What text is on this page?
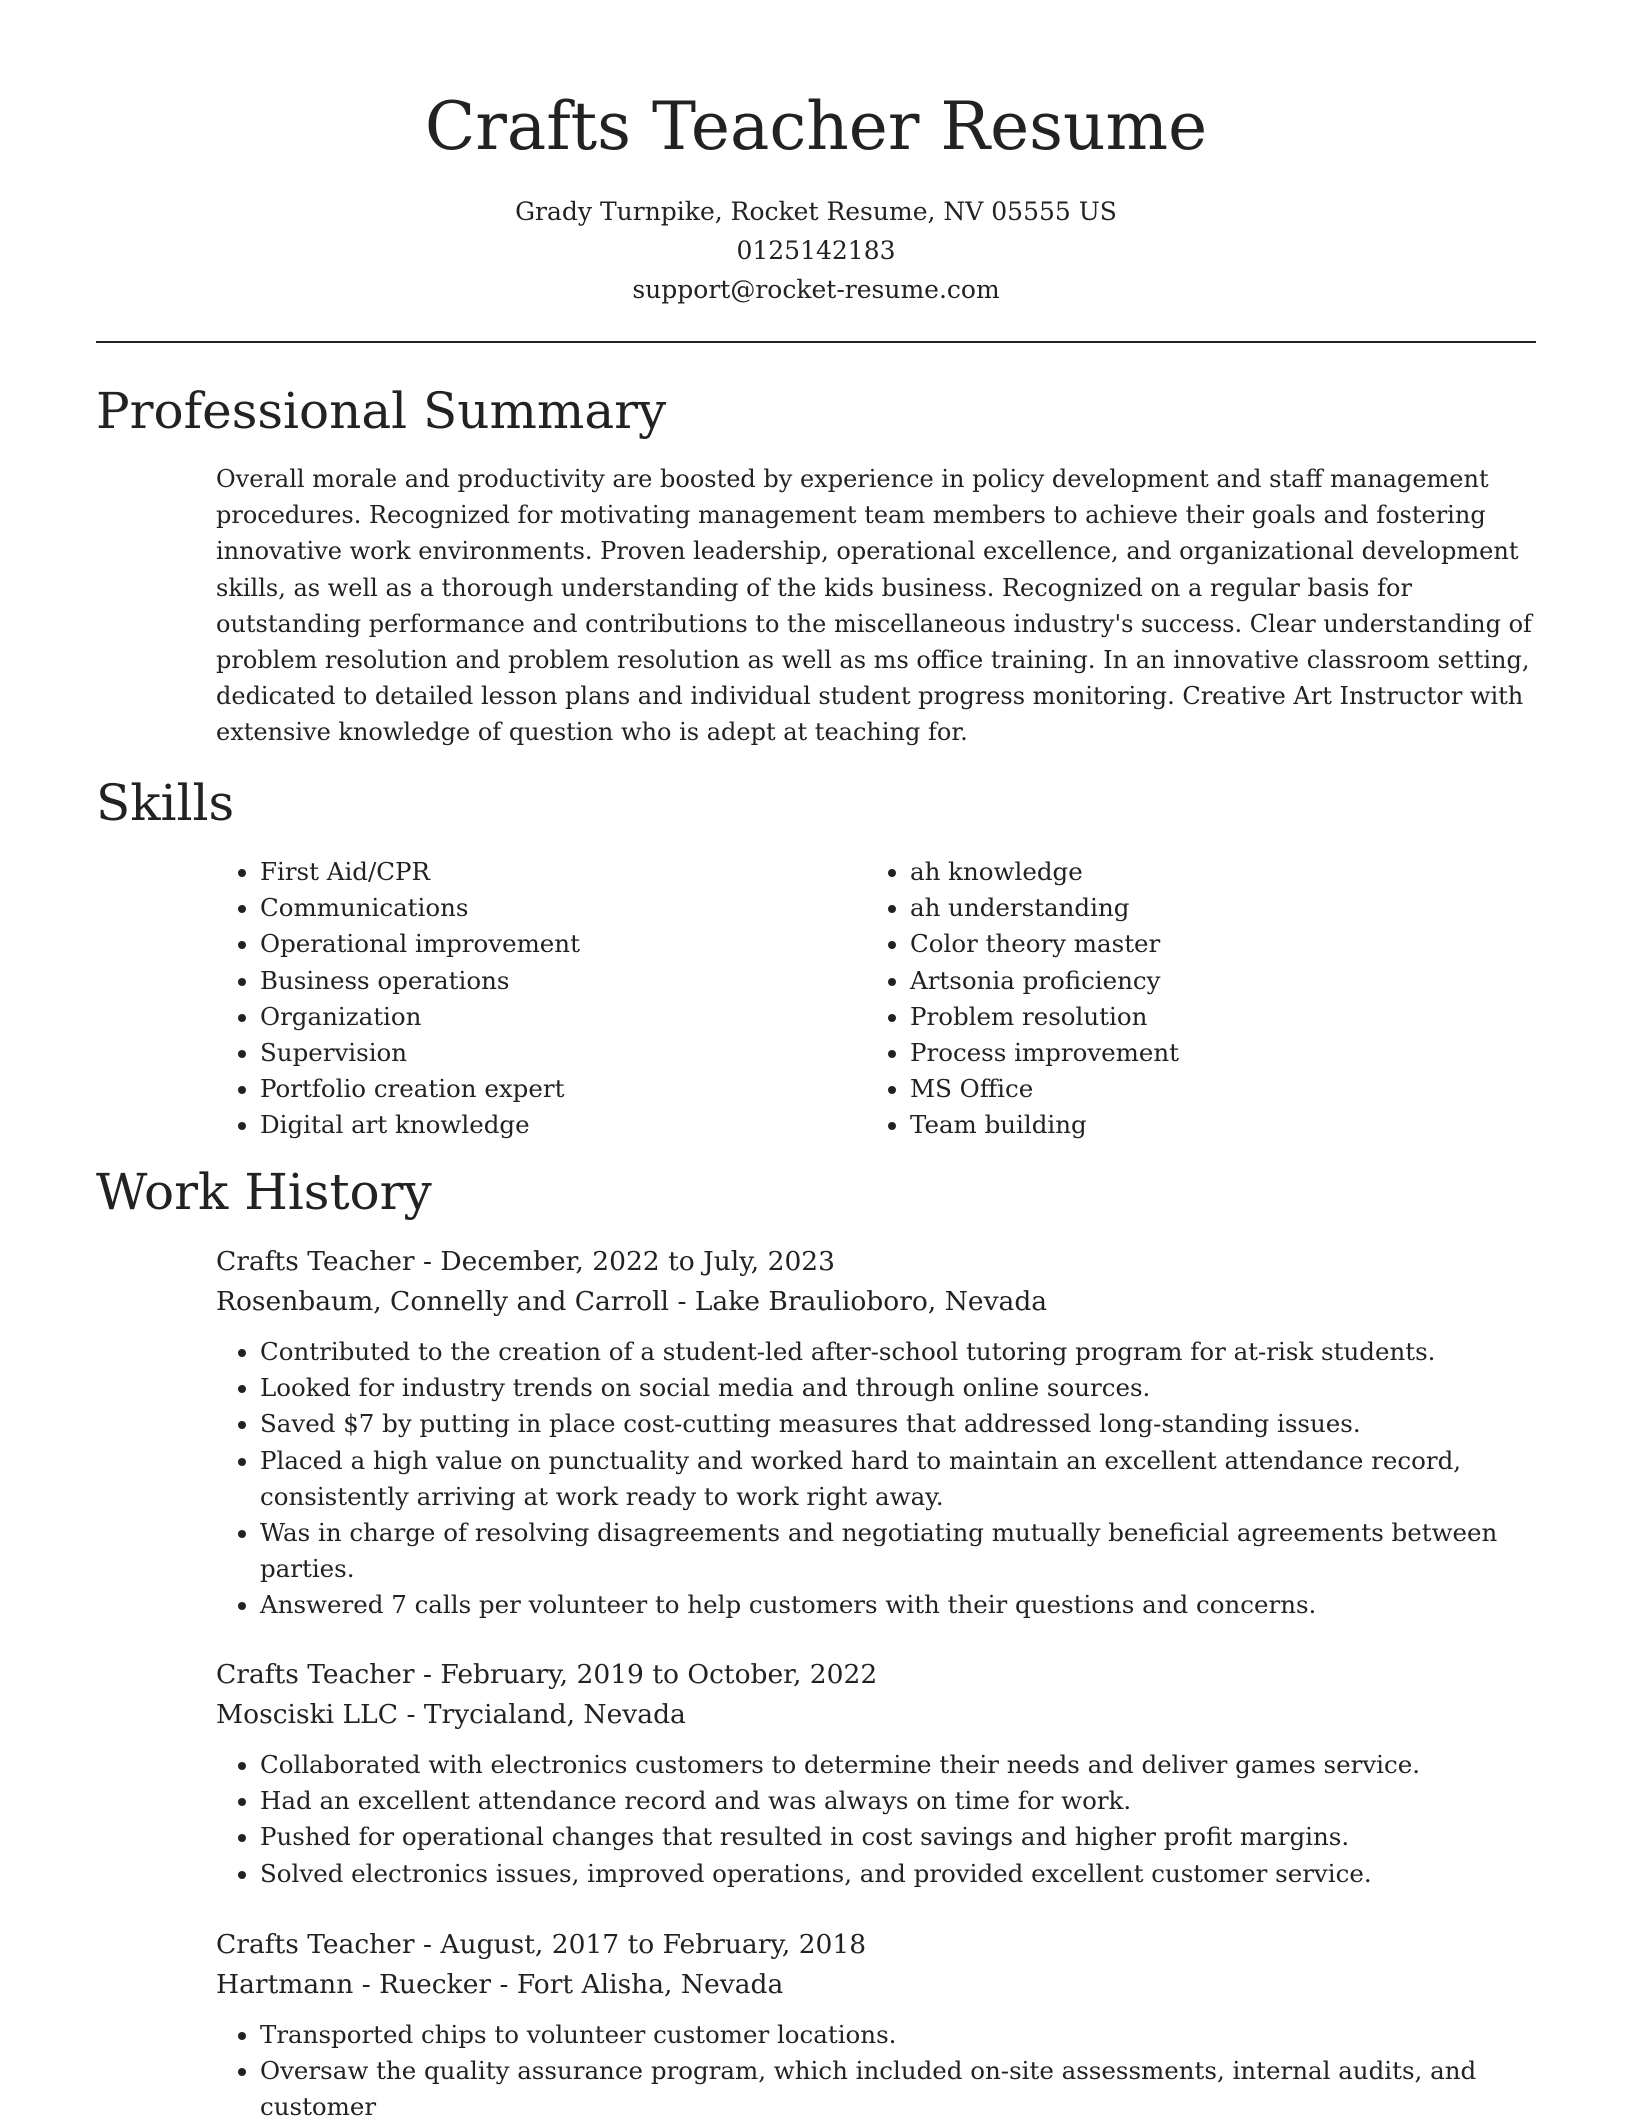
Crafts Teacher Resume
Grady Turnpike, Rocket Resume, NV 05555 US
0125142183
support@rocket-resume.com
Professional Summary

Overall morale and productivity are boosted by experience in policy development and staff management procedures. Recognized for motivating management team members to achieve their goals and fostering innovative work environments. Proven leadership, operational excellence, and organizational development skills, as well as a thorough understanding of the kids business. Recognized on a regular basis for outstanding performance and contributions to the miscellaneous industry's success. Clear understanding of problem resolution and problem resolution as well as ms office training. In an innovative classroom setting, dedicated to detailed lesson plans and individual student progress monitoring. Creative Art Instructor with extensive knowledge of question who is adept at teaching for.

Skills
• First Aid/CPR
• Communications
• Operational improvement
• Business operations
• Organization
• Supervision
• Portfolio creation expert
• Digital art knowledge
• ah knowledge
• ah understanding
• Color theory master
• Artsonia proficiency
• Problem resolution
• Process improvement
• MS Office
• Team building
Work History

Crafts Teacher - December, 2022 to July, 2023

Rosenbaum, Connelly and Carroll - Lake Braulioboro, Nevada

• Contributed to the creation of a student-led after-school tutoring program for at-risk students.
• Looked for industry trends on social media and through online sources.
• Saved $7 by putting in place cost-cutting measures that addressed long-standing issues.
• Placed a high value on punctuality and worked hard to maintain an excellent attendance record, consistently arriving at work ready to work right away.
• Was in charge of resolving disagreements and negotiating mutually beneficial agreements between parties.
• Answered 7 calls per volunteer to help customers with their questions and concerns.

Crafts Teacher - February, 2019 to October, 2022

Mosciski LLC - Trycialand, Nevada

• Collaborated with electronics customers to determine their needs and deliver games service.
• Had an excellent attendance record and was always on time for work.
• Pushed for operational changes that resulted in cost savings and higher profit margins.
• Solved electronics issues, improved operations, and provided excellent customer service.

Crafts Teacher - August, 2017 to February, 2018

Hartmann - Ruecker - Fort Alisha, Nevada

• Transported chips to volunteer customer locations.
• Oversaw the quality assurance program, which included on-site assessments, internal audits, and customer
